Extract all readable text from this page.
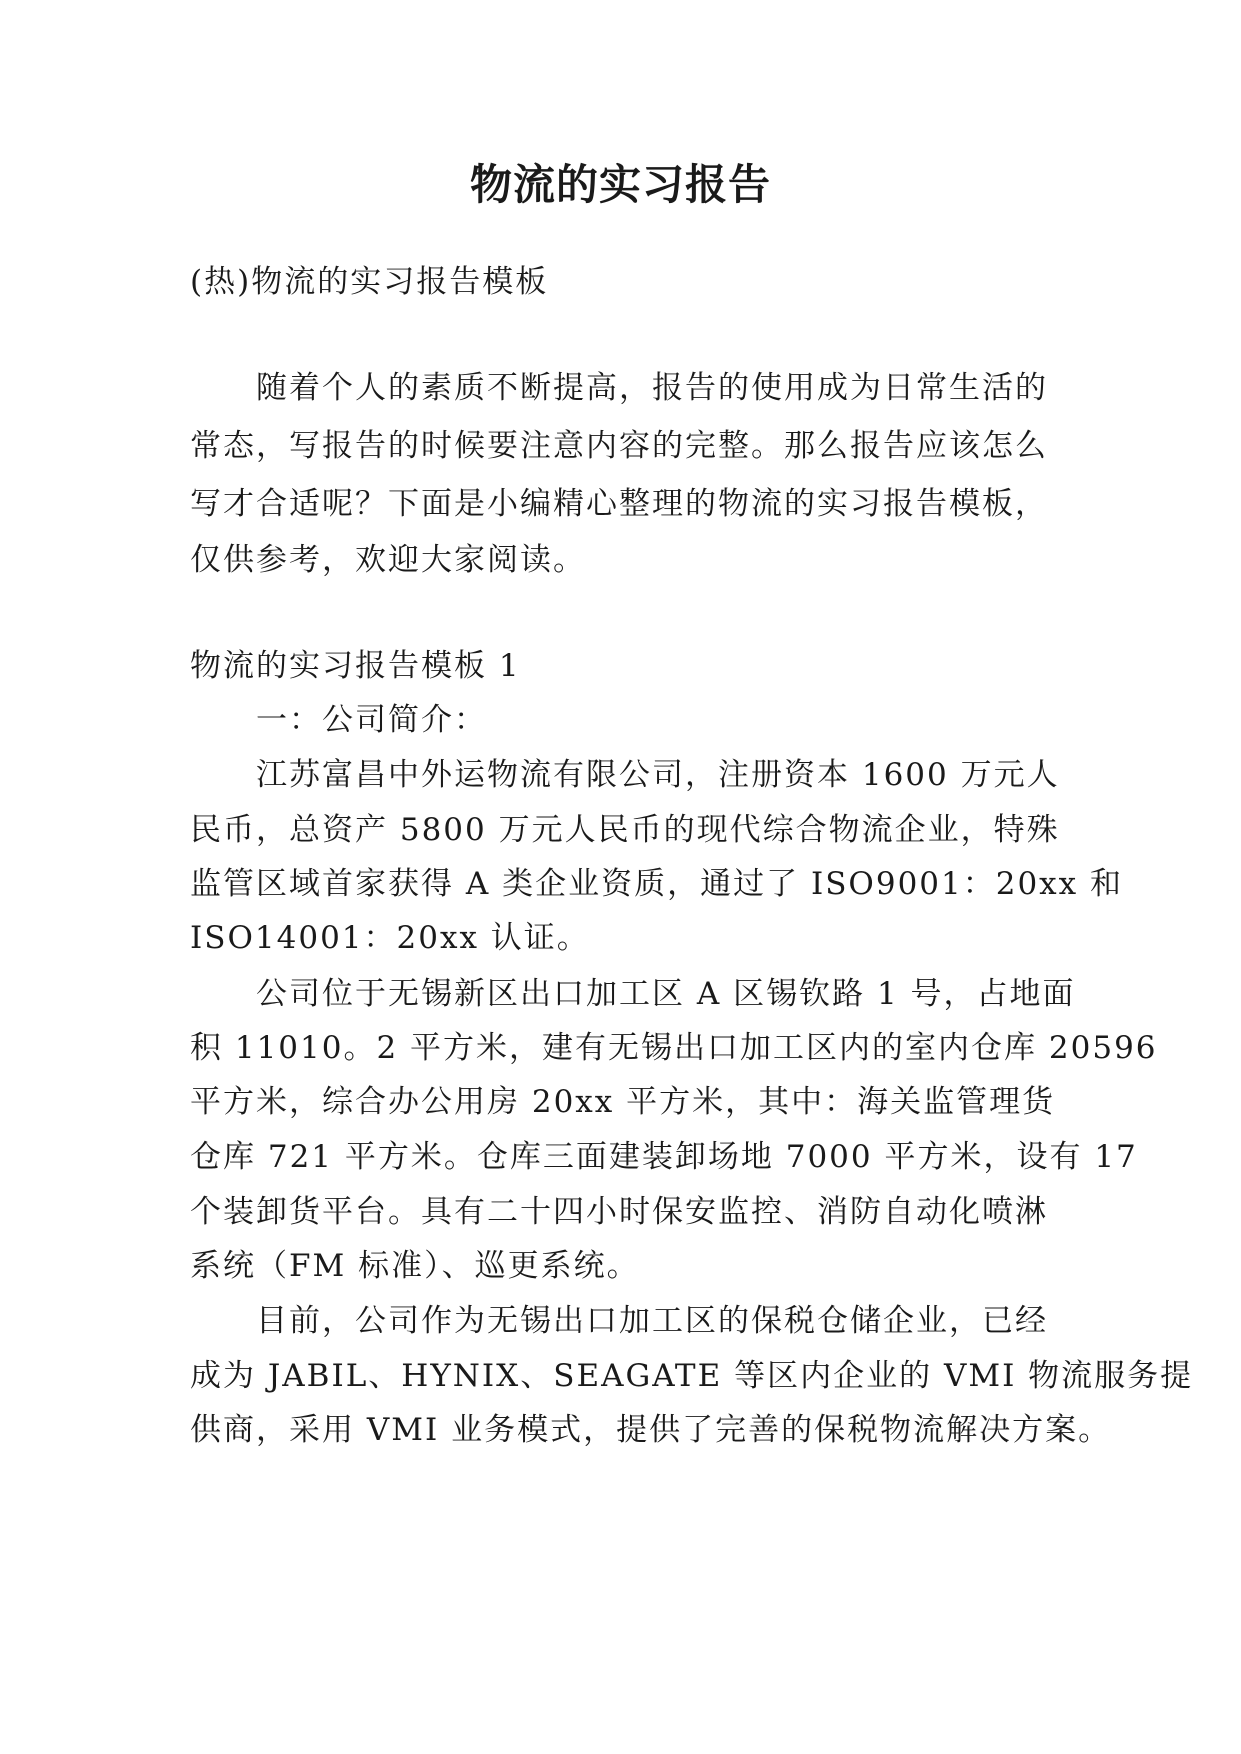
物流的实习报告

(热)物流的实习报告模板

随着个人的素质不断提高，报告的使用成为日常生活的

常态，写报告的时候要注意内容的完整。那么报告应该怎么

写才合适呢？下面是小编精心整理的物流的实习报告模板，

仅供参考，欢迎大家阅读。

物流的实习报告模板 1

一：公司简介：

江苏富昌中外运物流有限公司，注册资本 1600 万元人

民币，总资产 5800 万元人民币的现代综合物流企业，特殊

监管区域首家获得 A 类企业资质，通过了 ISO9001：20xx 和

ISO14001：20xx 认证。

公司位于无锡新区出口加工区 A 区锡钦路 1 号，占地面

积 11010。2 平方米，建有无锡出口加工区内的室内仓库 20596

平方米，综合办公用房 20xx 平方米，其中：海关监管理货

仓库 721 平方米。仓库三面建装卸场地 7000 平方米，设有 17

个装卸货平台。具有二十四小时保安监控、消防自动化喷淋

系统（FM 标准）、巡更系统。

目前，公司作为无锡出口加工区的保税仓储企业，已经

成为 JABIL、HYNIX、SEAGATE 等区内企业的 VMI 物流服务提

供商，采用 VMI 业务模式，提供了完善的保税物流解决方案。
